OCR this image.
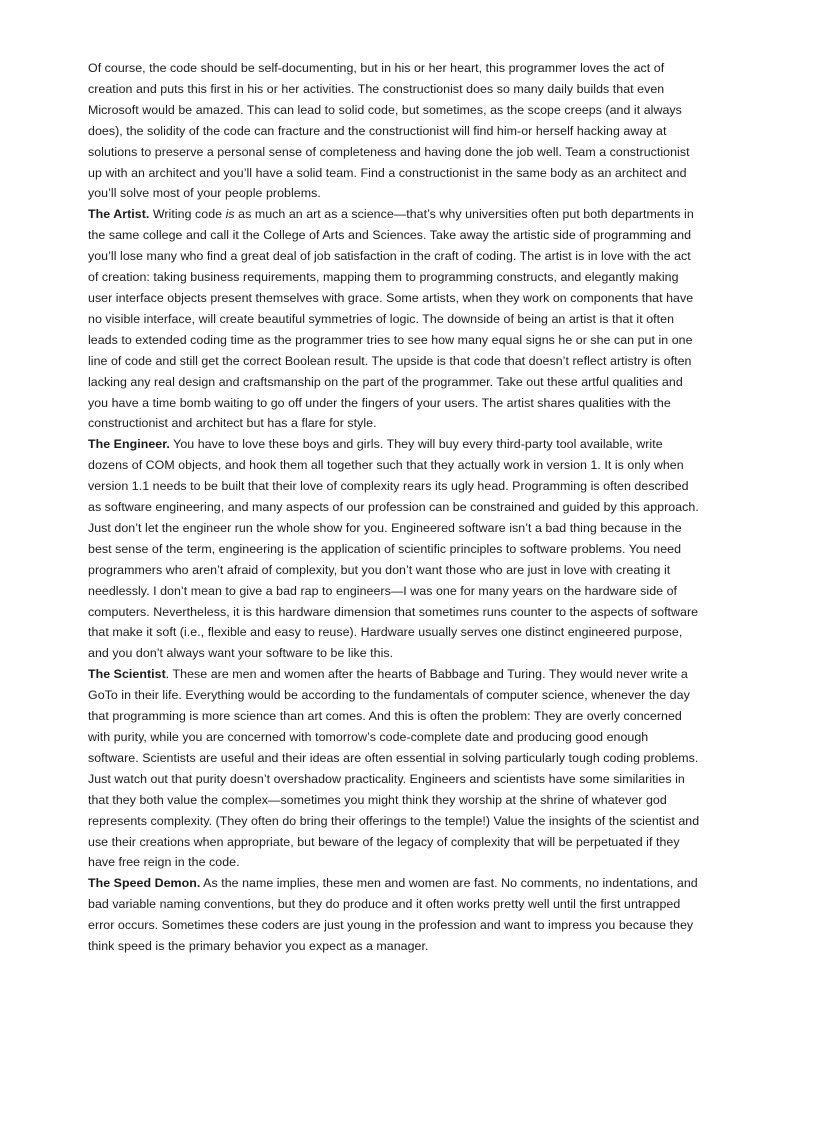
Of course, the code should be self-documenting, but in his or her heart, this programmer loves the act of creation and puts this first in his or her activities. The constructionist does so many daily builds that even Microsoft would be amazed. This can lead to solid code, but sometimes, as the scope creeps (and it always does), the solidity of the code can fracture and the constructionist will find him-or herself hacking away at solutions to preserve a personal sense of completeness and having done the job well. Team a constructionist up with an architect and you’ll have a solid team. Find a constructionist in the same body as an architect and you’ll solve most of your people problems.

The Artist. Writing code is as much an art as a science—that’s why universities often put both departments in the same college and call it the College of Arts and Sciences. Take away the artistic side of programming and you’ll lose many who find a great deal of job satisfaction in the craft of coding. The artist is in love with the act of creation: taking business requirements, mapping them to programming constructs, and elegantly making user interface objects present themselves with grace. Some artists, when they work on components that have no visible interface, will create beautiful symmetries of logic. The downside of being an artist is that it often leads to extended coding time as the programmer tries to see how many equal signs he or she can put in one line of code and still get the correct Boolean result. The upside is that code that doesn’t reflect artistry is often lacking any real design and craftsmanship on the part of the programmer. Take out these artful qualities and you have a time bomb waiting to go off under the fingers of your users. The artist shares qualities with the constructionist and architect but has a flare for style.

The Engineer. You have to love these boys and girls. They will buy every third-party tool available, write dozens of COM objects, and hook them all together such that they actually work in version 1. It is only when version 1.1 needs to be built that their love of complexity rears its ugly head. Programming is often described as software engineering, and many aspects of our profession can be constrained and guided by this approach. Just don’t let the engineer run the whole show for you. Engineered software isn’t a bad thing because in the best sense of the term, engineering is the application of scientific principles to software problems. You need programmers who aren’t afraid of complexity, but you don’t want those who are just in love with creating it needlessly. I don’t mean to give a bad rap to engineers—I was one for many years on the hardware side of computers. Nevertheless, it is this hardware dimension that sometimes runs counter to the aspects of software that make it soft (i.e., flexible and easy to reuse). Hardware usually serves one distinct engineered purpose, and you don’t always want your software to be like this.

The Scientist. These are men and women after the hearts of Babbage and Turing. They would never write a GoTo in their life. Everything would be according to the fundamentals of computer science, whenever the day that programming is more science than art comes. And this is often the problem: They are overly concerned with purity, while you are concerned with tomorrow’s code-complete date and producing good enough software. Scientists are useful and their ideas are often essential in solving particularly tough coding problems. Just watch out that purity doesn’t overshadow practicality. Engineers and scientists have some similarities in that they both value the complex—sometimes you might think they worship at the shrine of whatever god represents complexity. (They often do bring their offerings to the temple!) Value the insights of the scientist and use their creations when appropriate, but beware of the legacy of complexity that will be perpetuated if they have free reign in the code.

The Speed Demon. As the name implies, these men and women are fast. No comments, no indentations, and bad variable naming conventions, but they do produce and it often works pretty well until the first untrapped error occurs. Sometimes these coders are just young in the profession and want to impress you because they think speed is the primary behavior you expect as a manager.
